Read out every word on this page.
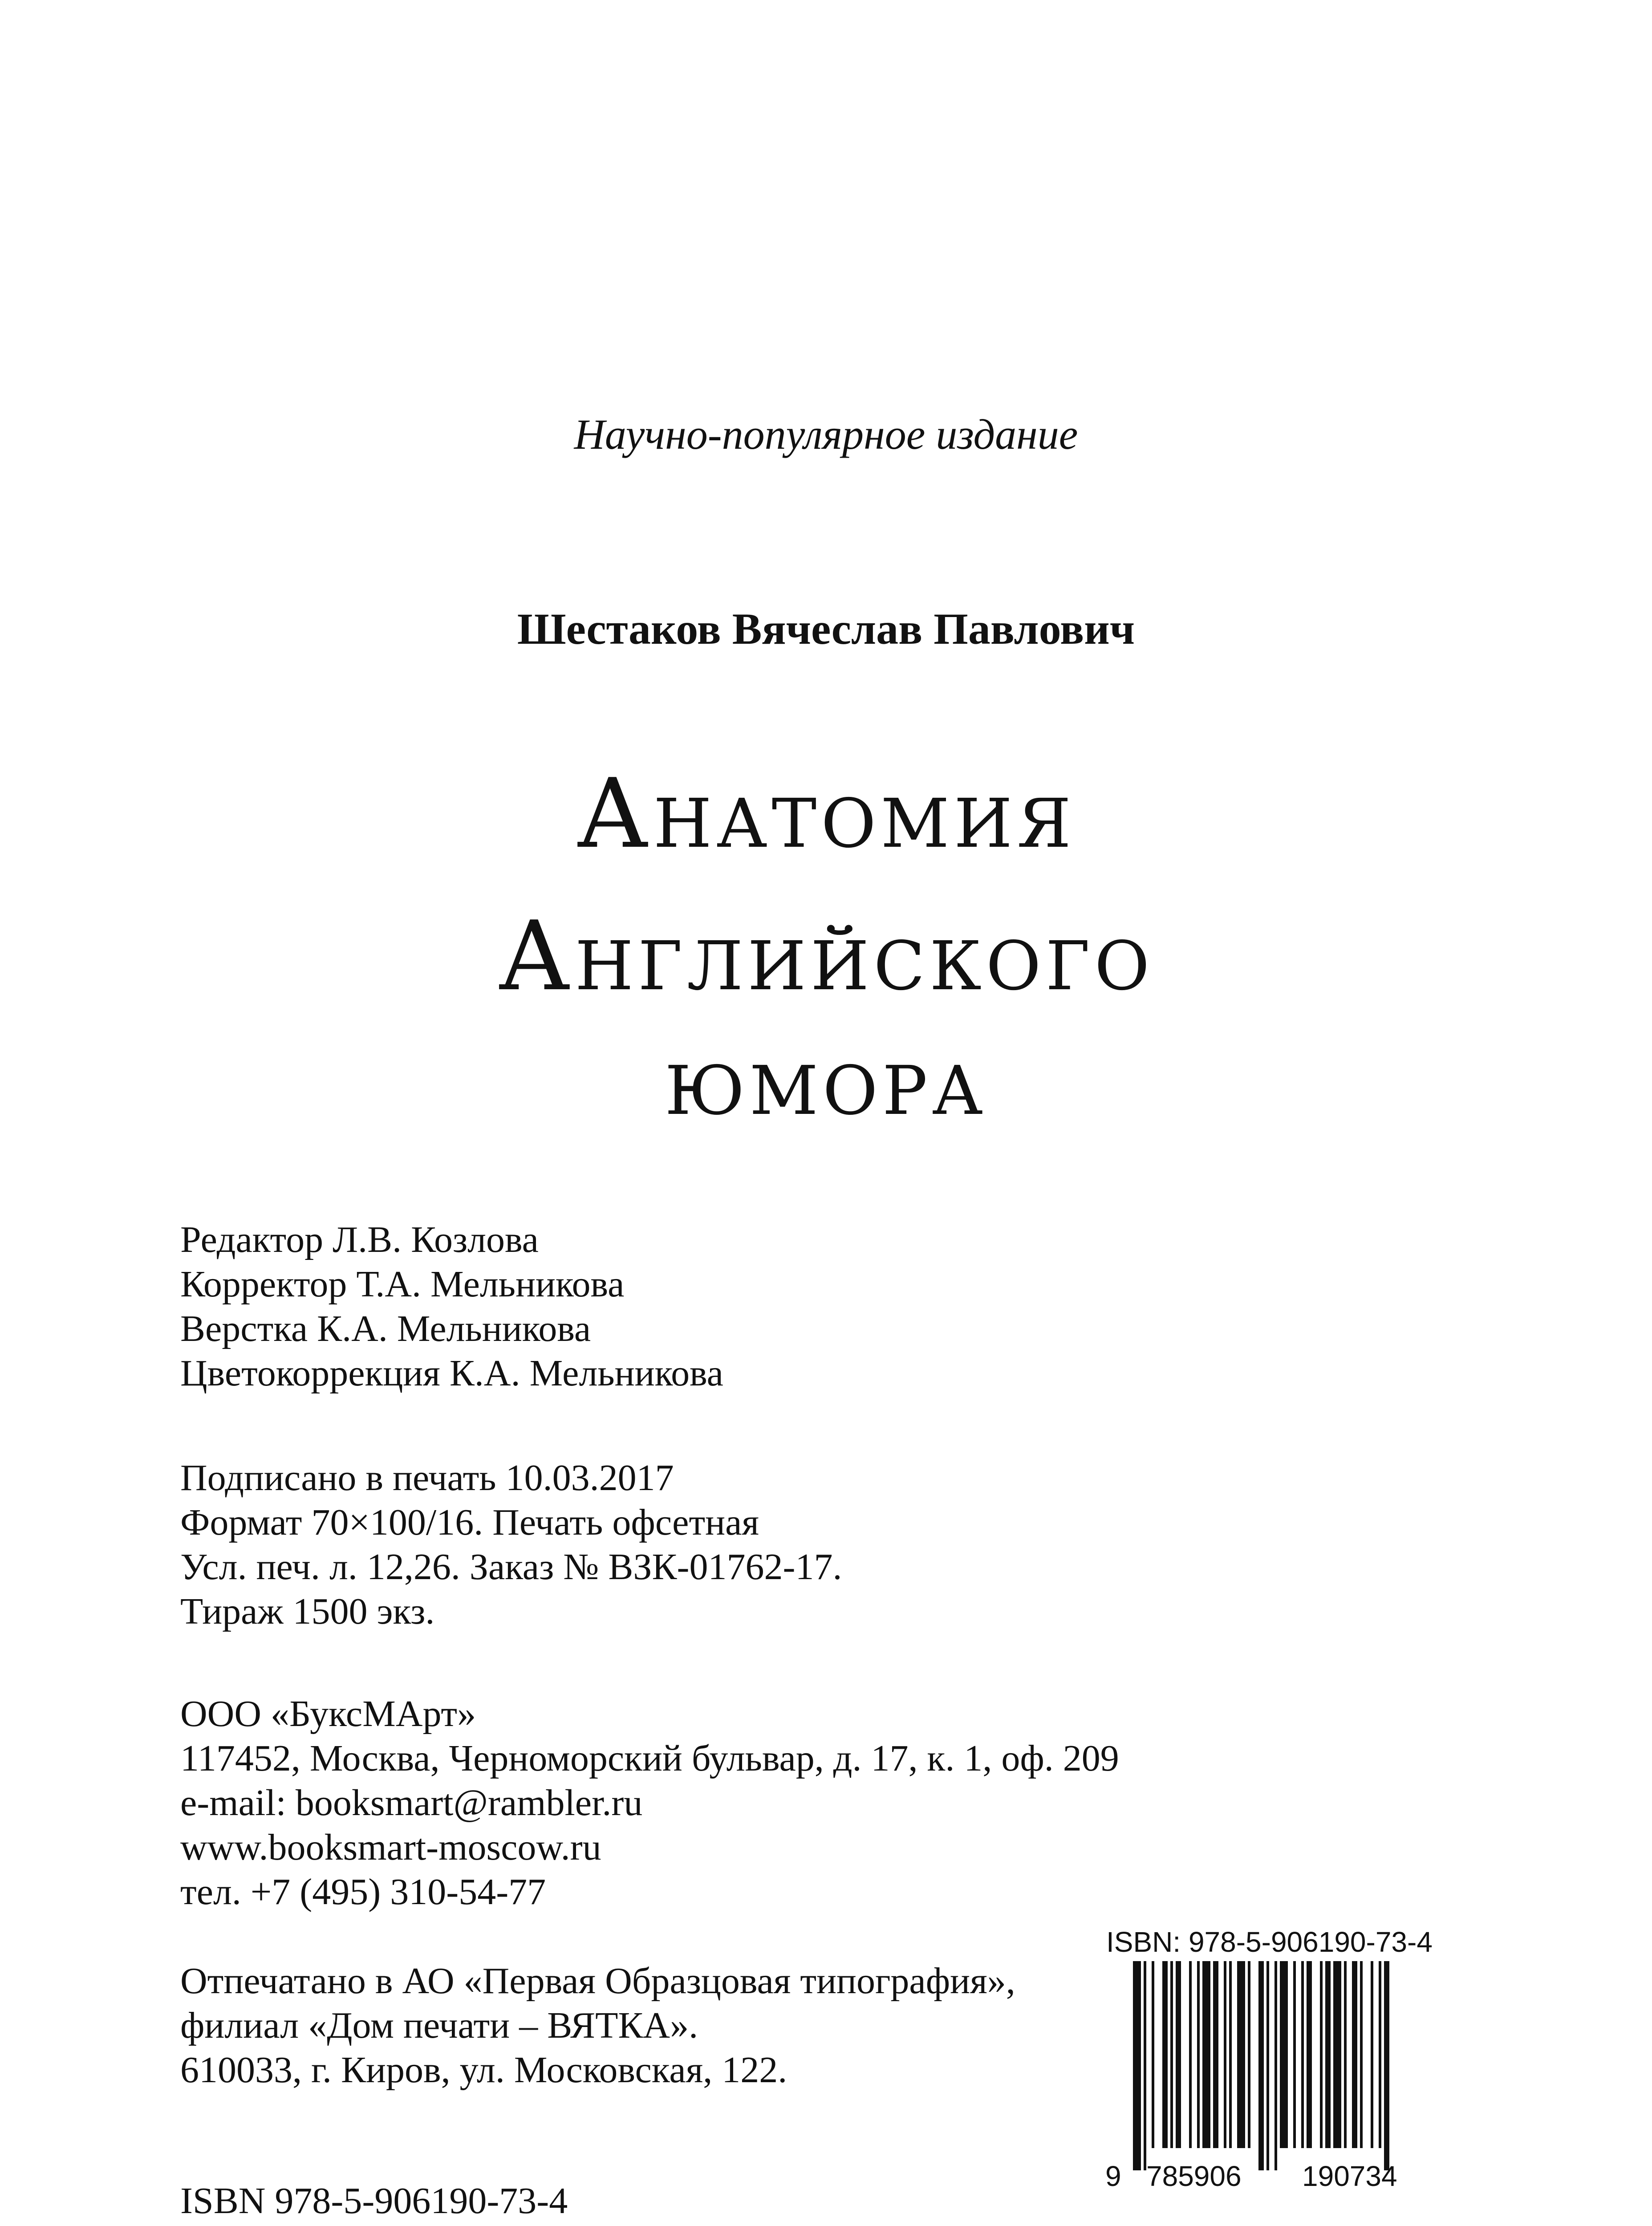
Научно-популярное издание
Шестаков Вячеслав Павлович
Анатомия
Английского
юмора
Редактор Л.В. Козлова
Корректор Т.А. Мельникова
Верстка К.А. Мельникова
Цветокоррекция К.А. Мельникова
Подписано в печать 10.03.2017
Формат 70×100/16. Печать офсетная
Усл. печ. л. 12,26. Заказ № ВЗК-01762-17.
Тираж 1500 экз.
ООО «БуксМАрт»
117452, Москва, Черноморский бульвар, д. 17, к. 1, оф. 209
e-mail: booksmart@rambler.ru
www.booksmart-moscow.ru
тел. +7 (495) 310-54-77
Отпечатано в АО «Первая Образцовая типография»,
филиал «Дом печати – ВЯТКА».
610033, г. Киров, ул. Московская, 122.
ISBN 978-5-906190-73-4
ISBN: 978-5-906190-73-4
9 785906 190734
